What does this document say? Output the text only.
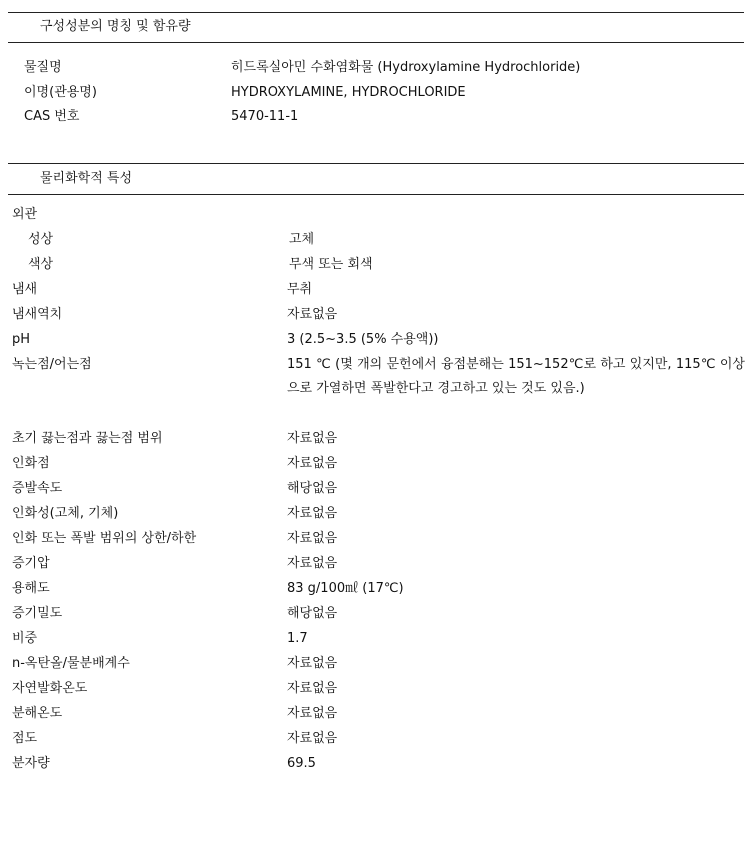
구성성분의 명칭 및 함유량
물질명	히드록실아민 수화염화물 (Hydroxylamine Hydrochloride)
이명(관용명)	HYDROXYLAMINE, HYDROCHLORIDE
CAS 번호	5470-11-1
물리화학적 특성
외관
성상	고체
색상	무색 또는 회색
냄새	무취
냄새역치	자료없음
pH	3 (2.5~3.5 (5% 수용액))
녹는점/어는점	151 ℃ (몇 개의 문헌에서 융점분해는 151~152℃로 하고 있지만, 115℃ 이상으로 가열하면 폭발한다고 경고하고 있는 것도 있음.)
초기 끓는점과 끓는점 범위	자료없음
인화점	자료없음
증발속도	해당없음
인화성(고체, 기체)	자료없음
인화 또는 폭발 범위의 상한/하한	자료없음
증기압	자료없음
용해도	83 g/100㎖ (17℃)
증기밀도	해당없음
비중	1.7
n-옥탄올/물분배계수	자료없음
자연발화온도	자료없음
분해온도	자료없음
점도	자료없음
분자량	69.5
